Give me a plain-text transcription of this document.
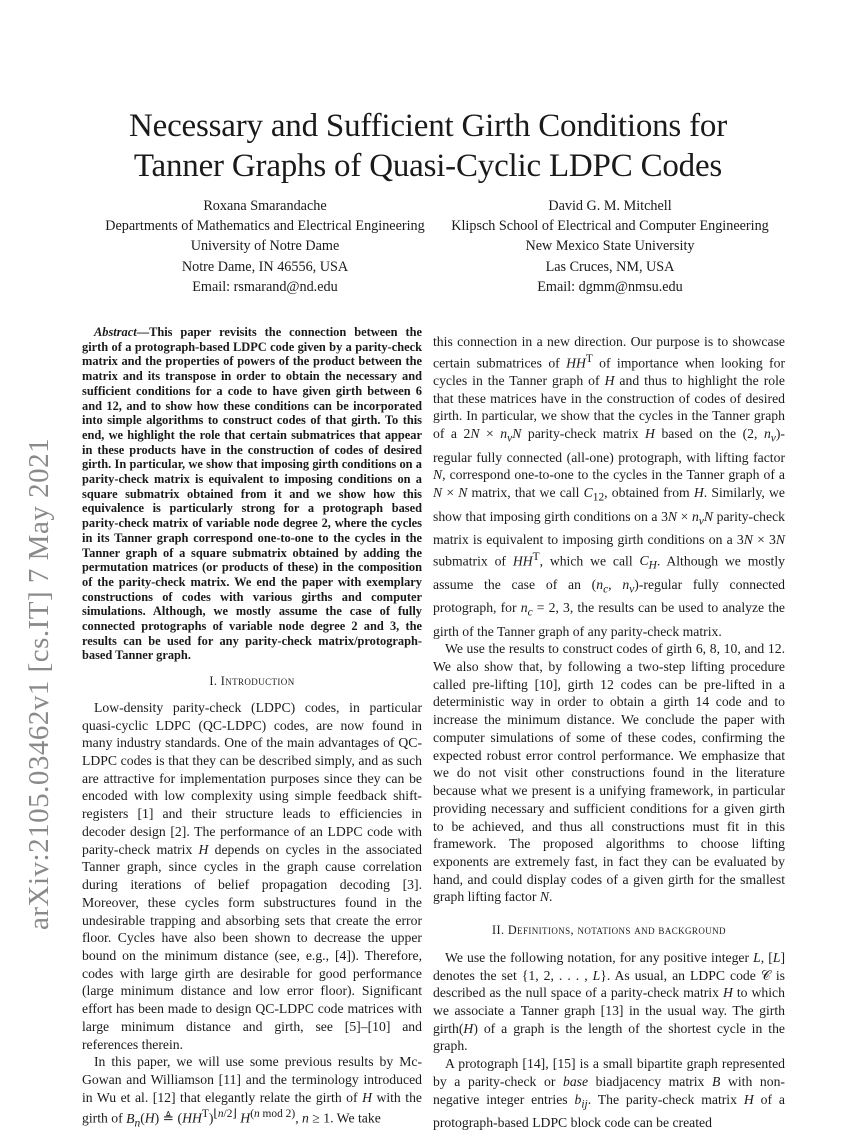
arXiv:2105.03462v1 [cs.IT] 7 May 2021
Necessary and Sufficient Girth Conditions for
Tanner Graphs of Quasi-Cyclic LDPC Codes
Roxana Smarandache
Departments of Mathematics and Electrical Engineering
University of Notre Dame
Notre Dame, IN 46556, USA
Email: rsmarand@nd.edu
David G. M. Mitchell
Klipsch School of Electrical and Computer Engineering
New Mexico State University
Las Cruces, NM, USA
Email: dgmm@nmsu.edu

Abstract—This paper revisits the connection between the girth of a protograph-based LDPC code given by a parity-check matrix and the properties of powers of the product between the matrix and its transpose in order to obtain the necessary and sufficient conditions for a code to have given girth between 6 and 12, and to show how these conditions can be incorporated into simple algorithms to construct codes of that girth. To this end, we highlight the role that certain submatrices that appear in these products have in the construction of codes of desired girth. In particular, we show that imposing girth conditions on a parity-check matrix is equivalent to imposing conditions on a square submatrix obtained from it and we show how this equivalence is particularly strong for a protograph based parity-check matrix of variable node degree 2, where the cycles in its Tanner graph correspond one-to-one to the cycles in the Tanner graph of a square submatrix obtained by adding the permutation matrices (or products of these) in the composition of the parity-check matrix. We end the paper with exemplary constructions of codes with various girths and computer simulations. Although, we mostly assume the case of fully connected protographs of variable node degree 2 and 3, the results can be used for any parity-check matrix/protograph-based Tanner graph.

I. Introduction

Low-density parity-check (LDPC) codes, in particular quasi-cyclic LDPC (QC-LDPC) codes, are now found in many industry standards. One of the main advantages of QC-LDPC codes is that they can be described simply, and as such are attractive for implementation purposes since they can be encoded with low complexity using simple feedback shift-registers [1] and their structure leads to efficiencies in decoder design [2]. The performance of an LDPC code with parity-check matrix H depends on cycles in the associated Tanner graph, since cycles in the graph cause correlation during iterations of belief propagation decoding [3]. Moreover, these cycles form substructures found in the undesirable trapping and absorbing sets that create the error floor. Cycles have also been shown to decrease the upper bound on the minimum distance (see, e.g., [4]). Therefore, codes with large girth are desirable for good performance (large minimum distance and low error floor). Significant effort has been made to design QC-LDPC code matrices with large minimum distance and girth, see [5]–[10] and references therein.

In this paper, we will use some previous results by Mc-Gowan and Williamson [11] and the terminology introduced in Wu et al. [12] that elegantly relate the girth of H with the girth of $B_n(H)$ ≜ $(HH^T)^{⌊n/2⌋}$ $H^{(n mod 2)}$, n ≥ 1. We take

this connection in a new direction. Our purpose is to showcase certain submatrices of $HH^T$ of importance when looking for cycles in the Tanner graph of H and thus to highlight the role that these matrices have in the construction of codes of desired girth. In particular, we show that the cycles in the Tanner graph of a $2N \times n_vN$ parity-check matrix H based on the (2, $n_v$)-regular fully connected (all-one) protograph, with lifting factor N, correspond one-to-one to the cycles in the Tanner graph of a N × N matrix, that we call $C_{12}$, obtained from H. Similarly, we show that imposing girth conditions on a $3N \times n_vN$ parity-check matrix is equivalent to imposing girth conditions on a 3N × 3N submatrix of $HH^T$, which we call $C_H$. Although we mostly assume the case of an ($n_c$, $n_v$)-regular fully connected protograph, for $n_c = 2$, 3, the results can be used to analyze the girth of the Tanner graph of any parity-check matrix.

We use the results to construct codes of girth 6, 8, 10, and 12. We also show that, by following a two-step lifting procedure called pre-lifting [10], girth 12 codes can be pre-lifted in a deterministic way in order to obtain a girth 14 code and to increase the minimum distance. We conclude the paper with computer simulations of some of these codes, confirming the expected robust error control performance. We emphasize that we do not visit other constructions found in the literature because what we present is a unifying framework, in particular providing necessary and sufficient conditions for a given girth to be achieved, and thus all constructions must fit in this framework. The proposed algorithms to choose lifting exponents are extremely fast, in fact they can be evaluated by hand, and could display codes of a given girth for the smallest graph lifting factor N.

II. Definitions, notations and background

We use the following notation, for any positive integer L, [L] denotes the set {1, 2, . . . , L}. As usual, an LDPC code 𝒞 is described as the null space of a parity-check matrix H to which we associate a Tanner graph [13] in the usual way. The girth girth(H) of a graph is the length of the shortest cycle in the graph.

A protograph [14], [15] is a small bipartite graph represented by a parity-check or base biadjacency matrix B with non-negative integer entries $b_{ij}$. The parity-check matrix H of a protograph-based LDPC block code can be created
